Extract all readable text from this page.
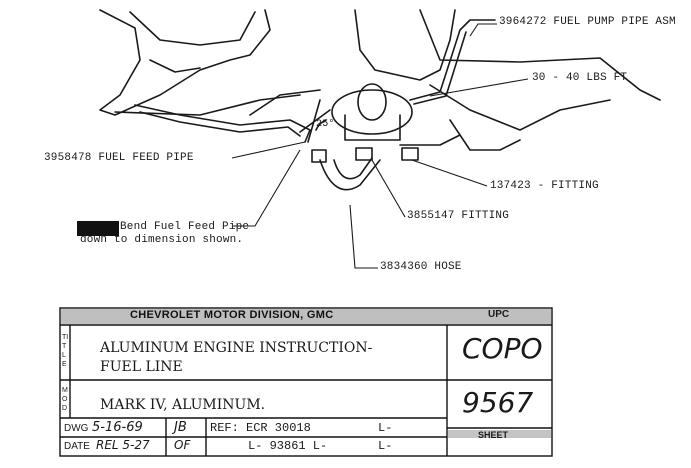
3964272 FUEL PUMP PIPE ASM
30 - 40 LBS FT
3958478 FUEL FEED PIPE
25°
137423 - FITTING
3855147 FITTING
3834360 HOSE
Bend Fuel Feed Pipe
down to dimension shown.
CHEVROLET MOTOR DIVISION, GMC	UPC
TITLE
ALUMINUM ENGINE INSTRUCTION-
FUEL LINE
MOD MARK IV, ALUMINUM.
COPO
9567
SHEET
DWG 5-16-69 JB
DATE REL 5-27 OF
REF: ECR 30018
L- 93861 L-
L-
L-
